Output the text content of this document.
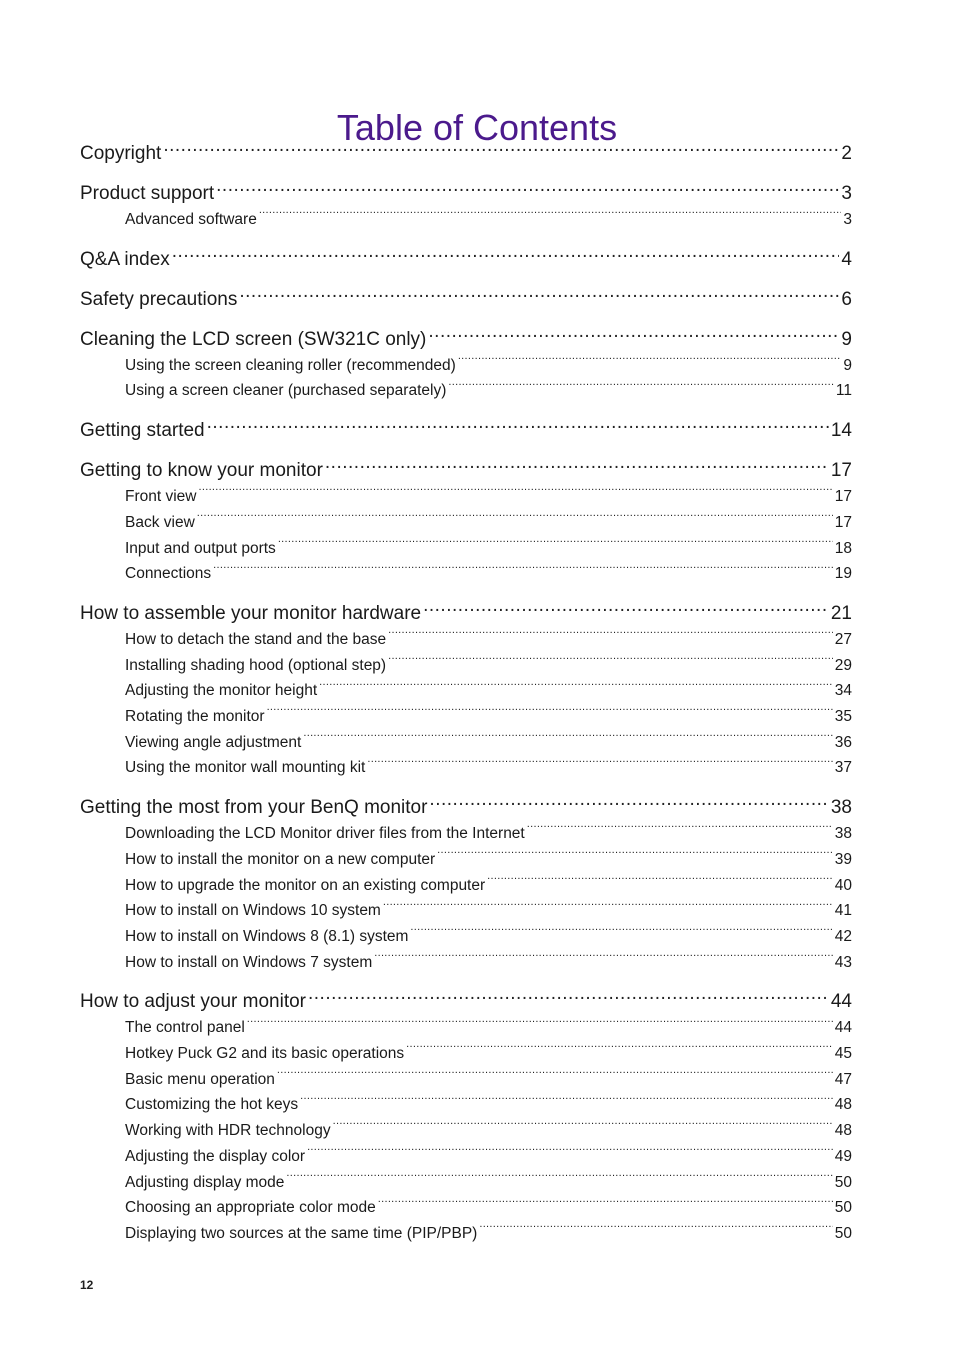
Table of Contents
Copyright .....	2
Product support .....	3
Advanced software .....	3
Q&A index .....	4
Safety precautions .....	6
Cleaning the LCD screen (SW321C only) .....	9
Using the screen cleaning roller (recommended) .....	9
Using a screen cleaner (purchased separately) .....	11
Getting started .....	14
Getting to know your monitor .....	17
Front view .....	17
Back view .....	17
Input and output ports .....	18
Connections .....	19
How to assemble your monitor hardware .....	21
How to detach the stand and the base .....	27
Installing shading hood (optional step) .....	29
Adjusting the monitor height .....	34
Rotating the monitor .....	35
Viewing angle adjustment .....	36
Using the monitor wall mounting kit .....	37
Getting the most from your BenQ monitor .....	38
Downloading the LCD Monitor driver files from the Internet .....	38
How to install the monitor on a new computer .....	39
How to upgrade the monitor on an existing computer .....	40
How to install on Windows 10 system .....	41
How to install on Windows 8 (8.1) system .....	42
How to install on Windows 7 system .....	43
How to adjust your monitor .....	44
The control panel .....	44
Hotkey Puck G2 and its basic operations .....	45
Basic menu operation .....	47
Customizing the hot keys .....	48
Working with HDR technology .....	48
Adjusting the display color .....	49
Adjusting display mode .....	50
Choosing an appropriate color mode .....	50
Displaying two sources at the same time (PIP/PBP) .....	50
12
